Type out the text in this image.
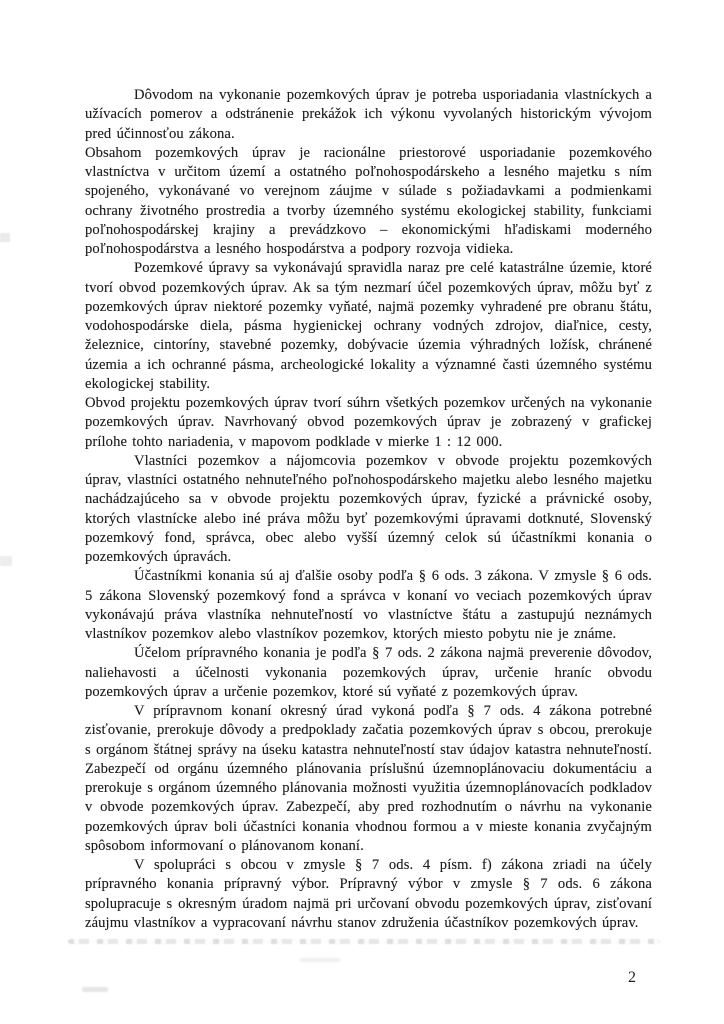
Dôvodom na vykonanie pozemkových úprav je potreba usporiadania vlastníckych a užívacích pomerov a odstránenie prekážok ich výkonu vyvolaných historickým vývojom pred účinnosťou zákona.

Obsahom pozemkových úprav je racionálne priestorové usporiadanie pozemkového vlastníctva v určitom území a ostatného poľnohospodárskeho a lesného majetku s ním spojeného, vykonávané vo verejnom záujme v súlade s požiadavkami a podmienkami ochrany životného prostredia a tvorby územného systému ekologickej stability, funkciami poľnohospodárskej krajiny a prevádzkovo – ekonomickými hľadiskami moderného poľnohospodárstva a lesného hospodárstva a podpory rozvoja vidieka.

Pozemkové úpravy sa vykonávajú spravidla naraz pre celé katastrálne územie, ktoré tvorí obvod pozemkových úprav. Ak sa tým nezmarí účel pozemkových úprav, môžu byť z pozemkových úprav niektoré pozemky vyňaté, najmä pozemky vyhradené pre obranu štátu, vodohospodárske diela, pásma hygienickej ochrany vodných zdrojov, diaľnice, cesty, železnice, cintoríny, stavebné pozemky, dobývacie územia výhradných ložísk, chránené územia a ich ochranné pásma, archeologické lokality a významné časti územného systému ekologickej stability.

Obvod projektu pozemkových úprav tvorí súhrn všetkých pozemkov určených na vykonanie pozemkových úprav. Navrhovaný obvod pozemkových úprav je zobrazený v grafickej prílohe tohto nariadenia, v mapovom podklade v mierke 1 : 12 000.

Vlastníci pozemkov a nájomcovia pozemkov v obvode projektu pozemkových úprav, vlastníci ostatného nehnuteľného poľnohospodárskeho majetku alebo lesného majetku nachádzajúceho sa v obvode projektu pozemkových úprav, fyzické a právnické osoby, ktorých vlastnícke alebo iné práva môžu byť pozemkovými úpravami dotknuté, Slovenský pozemkový fond, správca, obec alebo vyšší územný celok sú účastníkmi konania o pozemkových úpravách.

Účastníkmi konania sú aj ďalšie osoby podľa § 6 ods. 3 zákona. V zmysle § 6 ods. 5 zákona Slovenský pozemkový fond a správca v konaní vo veciach pozemkových úprav vykonávajú práva vlastníka nehnuteľností vo vlastníctve štátu a zastupujú neznámych vlastníkov pozemkov alebo vlastníkov pozemkov, ktorých miesto pobytu nie je známe.

Účelom prípravného konania je podľa § 7 ods. 2 zákona najmä preverenie dôvodov, naliehavosti a účelnosti vykonania pozemkových úprav, určenie hraníc obvodu pozemkových úprav a určenie pozemkov, ktoré sú vyňaté z pozemkových úprav.

V prípravnom konaní okresný úrad vykoná podľa § 7 ods. 4 zákona potrebné zisťovanie, prerokuje dôvody a predpoklady začatia pozemkových úprav s obcou, prerokuje s orgánom štátnej správy na úseku katastra nehnuteľností stav údajov katastra nehnuteľností. Zabezpečí od orgánu územného plánovania príslušnú územnoplánovaciu dokumentáciu a prerokuje s orgánom územného plánovania možnosti využitia územnoplánovacích podkladov v obvode pozemkových úprav. Zabezpečí, aby pred rozhodnutím o návrhu na vykonanie pozemkových úprav boli účastníci konania vhodnou formou a v mieste konania zvyčajným spôsobom informovaní o plánovanom konaní.

V spolupráci s obcou v zmysle § 7 ods. 4 písm. f) zákona zriadi na účely prípravného konania prípravný výbor. Prípravný výbor v zmysle § 7 ods. 6 zákona spolupracuje s okresným úradom najmä pri určovaní obvodu pozemkových úprav, zisťovaní záujmu vlastníkov a vypracovaní návrhu stanov združenia účastníkov pozemkových úprav.

2
